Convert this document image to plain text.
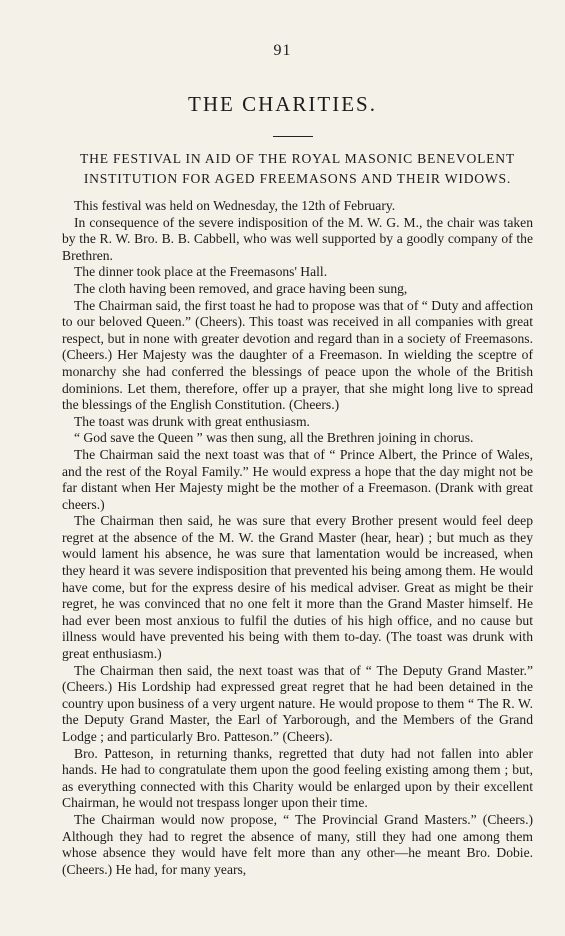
91
THE CHARITIES.
THE FESTIVAL IN AID OF THE ROYAL MASONIC BENEVOLENT
INSTITUTION FOR AGED FREEMASONS AND THEIR WIDOWS.

This festival was held on Wednesday, the 12th of February.

In consequence of the severe indisposition of the M. W. G. M., the chair was taken by the R. W. Bro. B. B. Cabbell, who was well supported by a goodly company of the Brethren.

The dinner took place at the Freemasons' Hall.

The cloth having been removed, and grace having been sung,

The Chairman said, the first toast he had to propose was that of “ Duty and affection to our beloved Queen.” (Cheers). This toast was received in all companies with great respect, but in none with greater devotion and regard than in a society of Freemasons. (Cheers.) Her Majesty was the daughter of a Freemason. In wielding the sceptre of monarchy she had conferred the blessings of peace upon the whole of the British dominions. Let them, therefore, offer up a prayer, that she might long live to spread the blessings of the English Constitution. (Cheers.)

The toast was drunk with great enthusiasm.

“ God save the Queen ” was then sung, all the Brethren joining in chorus.

The Chairman said the next toast was that of “ Prince Albert, the Prince of Wales, and the rest of the Royal Family.” He would express a hope that the day might not be far distant when Her Majesty might be the mother of a Freemason. (Drank with great cheers.)

The Chairman then said, he was sure that every Brother present would feel deep regret at the absence of the M. W. the Grand Master (hear, hear) ; but much as they would lament his absence, he was sure that lamentation would be increased, when they heard it was severe indisposition that prevented his being among them. He would have come, but for the express desire of his medical adviser. Great as might be their regret, he was convinced that no one felt it more than the Grand Master himself. He had ever been most anxious to fulfil the duties of his high office, and no cause but illness would have prevented his being with them to-day. (The toast was drunk with great enthusiasm.)

The Chairman then said, the next toast was that of “ The Deputy Grand Master.” (Cheers.) His Lordship had expressed great regret that he had been detained in the country upon business of a very urgent nature. He would propose to them “ The R. W. the Deputy Grand Master, the Earl of Yarborough, and the Members of the Grand Lodge ; and particularly Bro. Patteson.” (Cheers).

Bro. Patteson, in returning thanks, regretted that duty had not fallen into abler hands. He had to congratulate them upon the good feeling existing among them ; but, as everything connected with this Charity would be enlarged upon by their excellent Chairman, he would not trespass longer upon their time.

The Chairman would now propose, “ The Provincial Grand Masters.” (Cheers.) Although they had to regret the absence of many, still they had one among them whose absence they would have felt more than any other—he meant Bro. Dobie. (Cheers.) He had, for many years,
